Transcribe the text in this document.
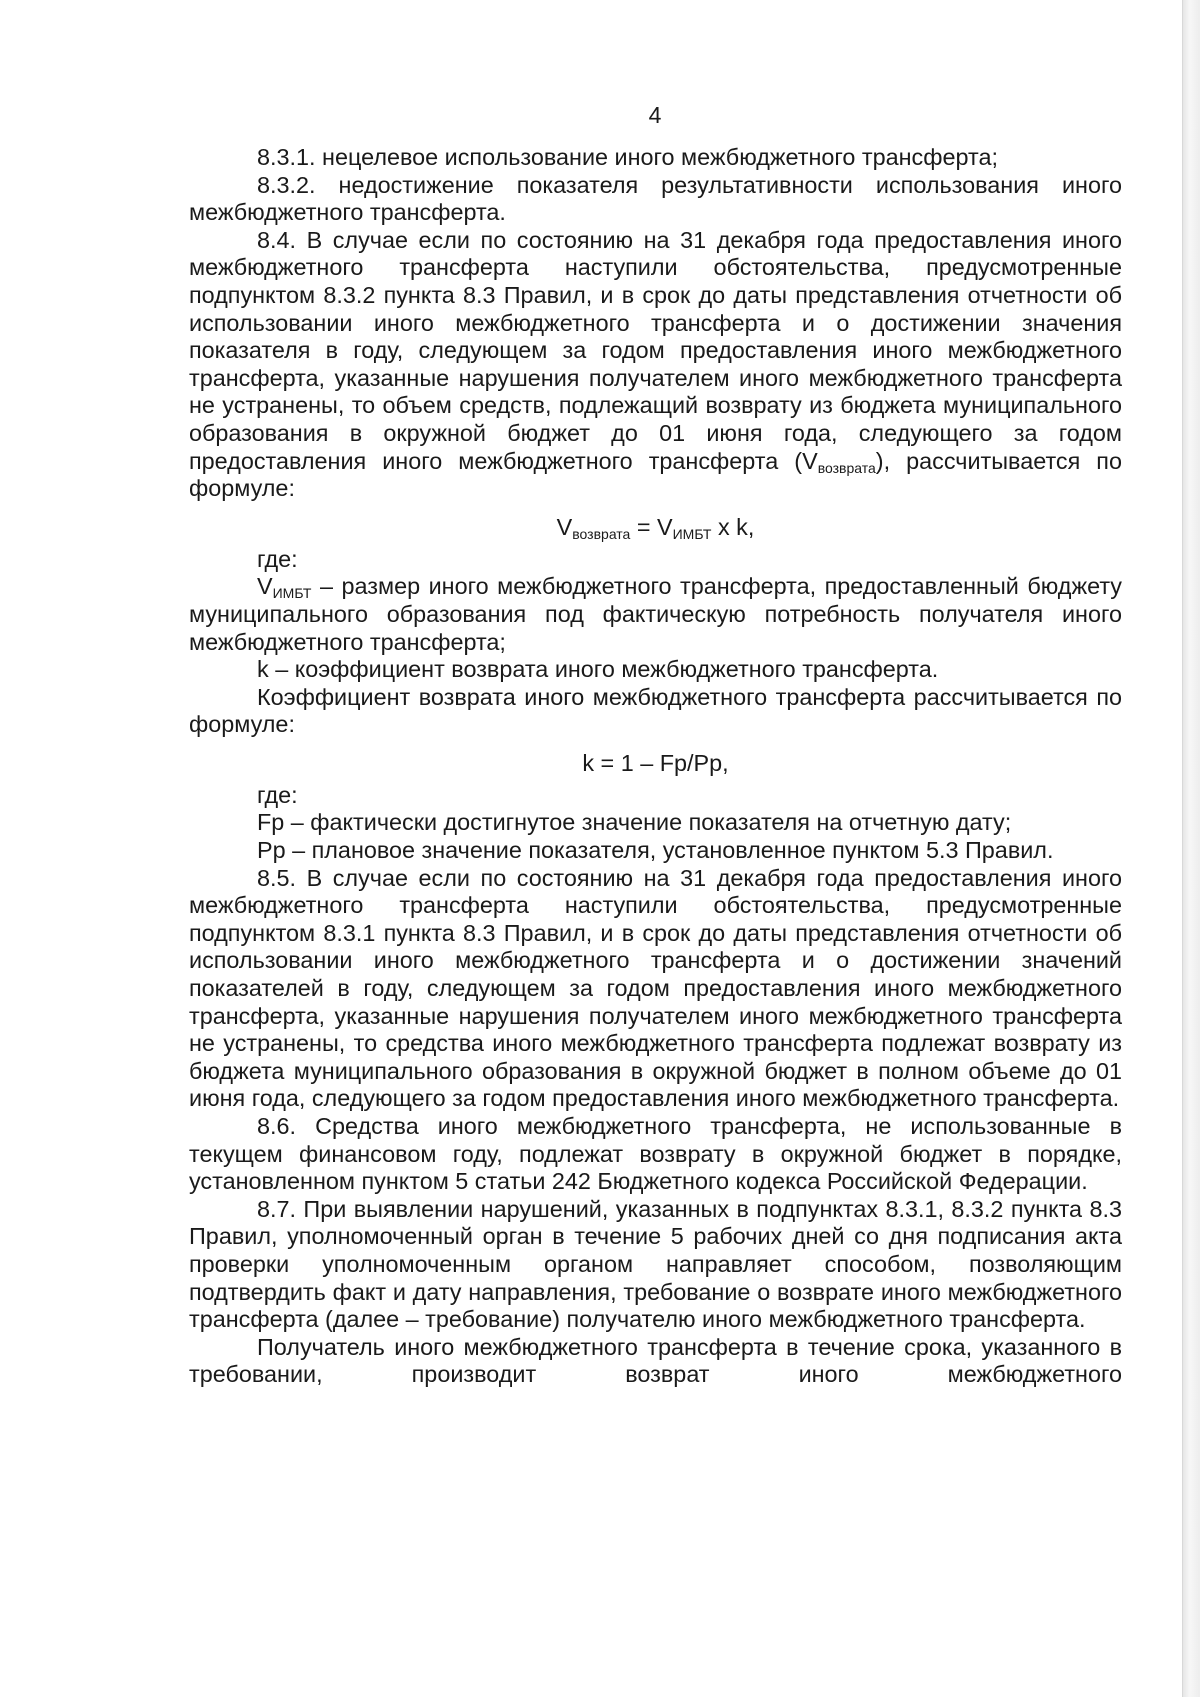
4

8.3.1. нецелевое использование иного межбюджетного трансферта;

8.3.2. недостижение показателя результативности использования иного межбюджетного трансферта.

8.4. В случае если по состоянию на 31 декабря года предоставления иного межбюджетного трансферта наступили обстоятельства, предусмотренные подпунктом 8.3.2 пункта 8.3 Правил, и в срок до даты представления отчетности об использовании иного межбюджетного трансферта и о достижении значения показателя в году, следующем за годом предоставления иного межбюджетного трансферта, указанные нарушения получателем иного межбюджетного трансферта не устранены, то объем средств, подлежащий возврату из бюджета муниципального образования в окружной бюджет до 01 июня года, следующего за годом предоставления иного межбюджетного трансферта $(V_{возврата})$, рассчитывается по формуле:

$V_{возврата} = V_{ИМБТ}$ x k,

где:

$V_{ИМБТ}$ – размер иного межбюджетного трансферта, предоставленный бюджету муниципального образования под фактическую потребность получателя иного межбюджетного трансферта;

k – коэффициент возврата иного межбюджетного трансферта.

Коэффициент возврата иного межбюджетного трансферта рассчитывается по формуле:

k = 1 – Fp/Pp,

где:

Fp – фактически достигнутое значение показателя на отчетную дату;

Pp – плановое значение показателя, установленное пунктом 5.3 Правил.

8.5. В случае если по состоянию на 31 декабря года предоставления иного межбюджетного трансферта наступили обстоятельства, предусмотренные подпунктом 8.3.1 пункта 8.3 Правил, и в срок до даты представления отчетности об использовании иного межбюджетного трансферта и о достижении значений показателей в году, следующем за годом предоставления иного межбюджетного трансферта, указанные нарушения получателем иного межбюджетного трансферта не устранены, то средства иного межбюджетного трансферта подлежат возврату из бюджета муниципального образования в окружной бюджет в полном объеме до 01 июня года, следующего за годом предоставления иного межбюджетного трансферта.

8.6. Средства иного межбюджетного трансферта, не использованные в текущем финансовом году, подлежат возврату в окружной бюджет в порядке, установленном пунктом 5 статьи 242 Бюджетного кодекса Российской Федерации.

8.7. При выявлении нарушений, указанных в подпунктах 8.3.1, 8.3.2 пункта 8.3 Правил, уполномоченный орган в течение 5 рабочих дней со дня подписания акта проверки уполномоченным органом направляет способом, позволяющим подтвердить факт и дату направления, требование о возврате иного межбюджетного трансферта (далее – требование) получателю иного межбюджетного трансферта.

Получатель иного межбюджетного трансферта в течение срока, указанного в требовании, производит возврат иного межбюджетного
